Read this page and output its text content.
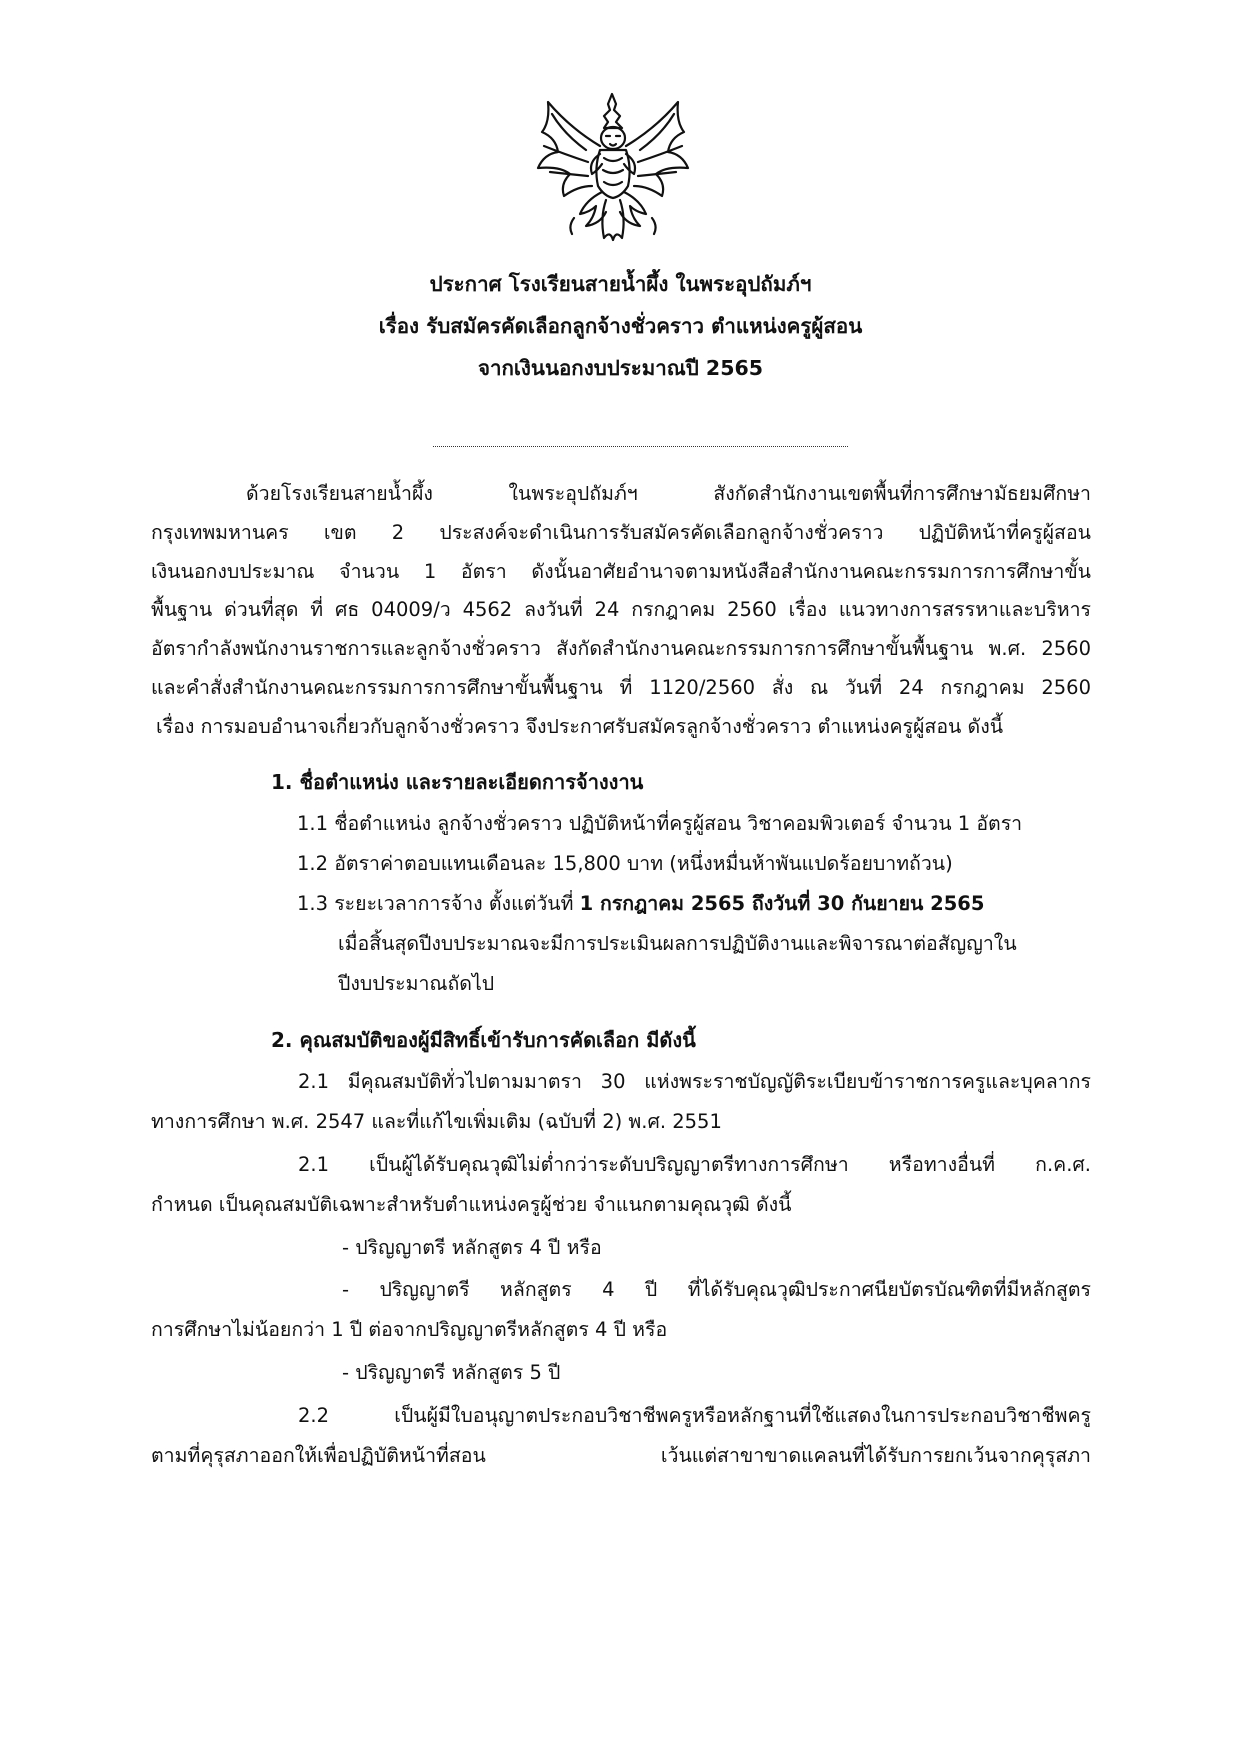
ประกาศ โรงเรียนสายน้ำผึ้ง ในพระอุปถัมภ์ฯ
เรื่อง รับสมัครคัดเลือกลูกจ้างชั่วคราว ตำแหน่งครูผู้สอน
จากเงินนอกงบประมาณปี 2565
ด้วยโรงเรียนสายน้ำผึ้ง ในพระอุปถัมภ์ฯ สังกัดสำนักงานเขตพื้นที่การศึกษามัธยมศึกษา
กรุงเทพมหานคร เขต 2 ประสงค์จะดำเนินการรับสมัครคัดเลือกลูกจ้างชั่วคราว ปฏิบัติหน้าที่ครูผู้สอน
เงินนอกงบประมาณ จำนวน 1 อัตรา ดังนั้นอาศัยอำนาจตามหนังสือสำนักงานคณะกรรมการการศึกษาขั้น
พื้นฐาน ด่วนที่สุด ที่ ศธ 04009/ว 4562 ลงวันที่ 24 กรกฎาคม 2560 เรื่อง แนวทางการสรรหาและบริหาร
อัตรากำลังพนักงานราชการและลูกจ้างชั่วคราว สังกัดสำนักงานคณะกรรมการการศึกษาขั้นพื้นฐาน พ.ศ. 2560
และคำสั่งสำนักงานคณะกรรมการการศึกษาขั้นพื้นฐาน ที่ 1120/2560 สั่ง ณ วันที่ 24 กรกฎาคม 2560
เรื่อง การมอบอำนาจเกี่ยวกับลูกจ้างชั่วคราว จึงประกาศรับสมัครลูกจ้างชั่วคราว ตำแหน่งครูผู้สอน ดังนี้
1. ชื่อตำแหน่ง และรายละเอียดการจ้างงาน
1.1 ชื่อตำแหน่ง ลูกจ้างชั่วคราว ปฏิบัติหน้าที่ครูผู้สอน วิชาคอมพิวเตอร์ จำนวน 1 อัตรา
1.2 อัตราค่าตอบแทนเดือนละ 15,800 บาท (หนึ่งหมื่นห้าพันแปดร้อยบาทถ้วน)
1.3 ระยะเวลาการจ้าง ตั้งแต่วันที่ 1 กรกฎาคม 2565 ถึงวันที่ 30 กันยายน 2565
เมื่อสิ้นสุดปีงบประมาณจะมีการประเมินผลการปฏิบัติงานและพิจารณาต่อสัญญาใน
ปีงบประมาณถัดไป
2. คุณสมบัติของผู้มีสิทธิ์เข้ารับการคัดเลือก มีดังนี้
2.1 มีคุณสมบัติทั่วไปตามมาตรา 30 แห่งพระราชบัญญัติระเบียบข้าราชการครูและบุคลากร
ทางการศึกษา พ.ศ. 2547 และที่แก้ไขเพิ่มเติม (ฉบับที่ 2) พ.ศ. 2551
2.1 เป็นผู้ได้รับคุณวุฒิไม่ต่ำกว่าระดับปริญญาตรีทางการศึกษา หรือทางอื่นที่ ก.ค.ศ.
กำหนด เป็นคุณสมบัติเฉพาะสำหรับตำแหน่งครูผู้ช่วย จำแนกตามคุณวุฒิ ดังนี้
- ปริญญาตรี หลักสูตร 4 ปี หรือ
- ปริญญาตรี หลักสูตร 4 ปี ที่ได้รับคุณวุฒิประกาศนียบัตรบัณฑิตที่มีหลักสูตร
การศึกษาไม่น้อยกว่า 1 ปี ต่อจากปริญญาตรีหลักสูตร 4 ปี หรือ
- ปริญญาตรี หลักสูตร 5 ปี
2.2 เป็นผู้มีใบอนุญาตประกอบวิชาชีพครูหรือหลักฐานที่ใช้แสดงในการประกอบวิชาชีพครู
ตามที่คุรุสภาออกให้เพื่อปฏิบัติหน้าที่สอน เว้นแต่สาขาขาดแคลนที่ได้รับการยกเว้นจากคุรุสภา
